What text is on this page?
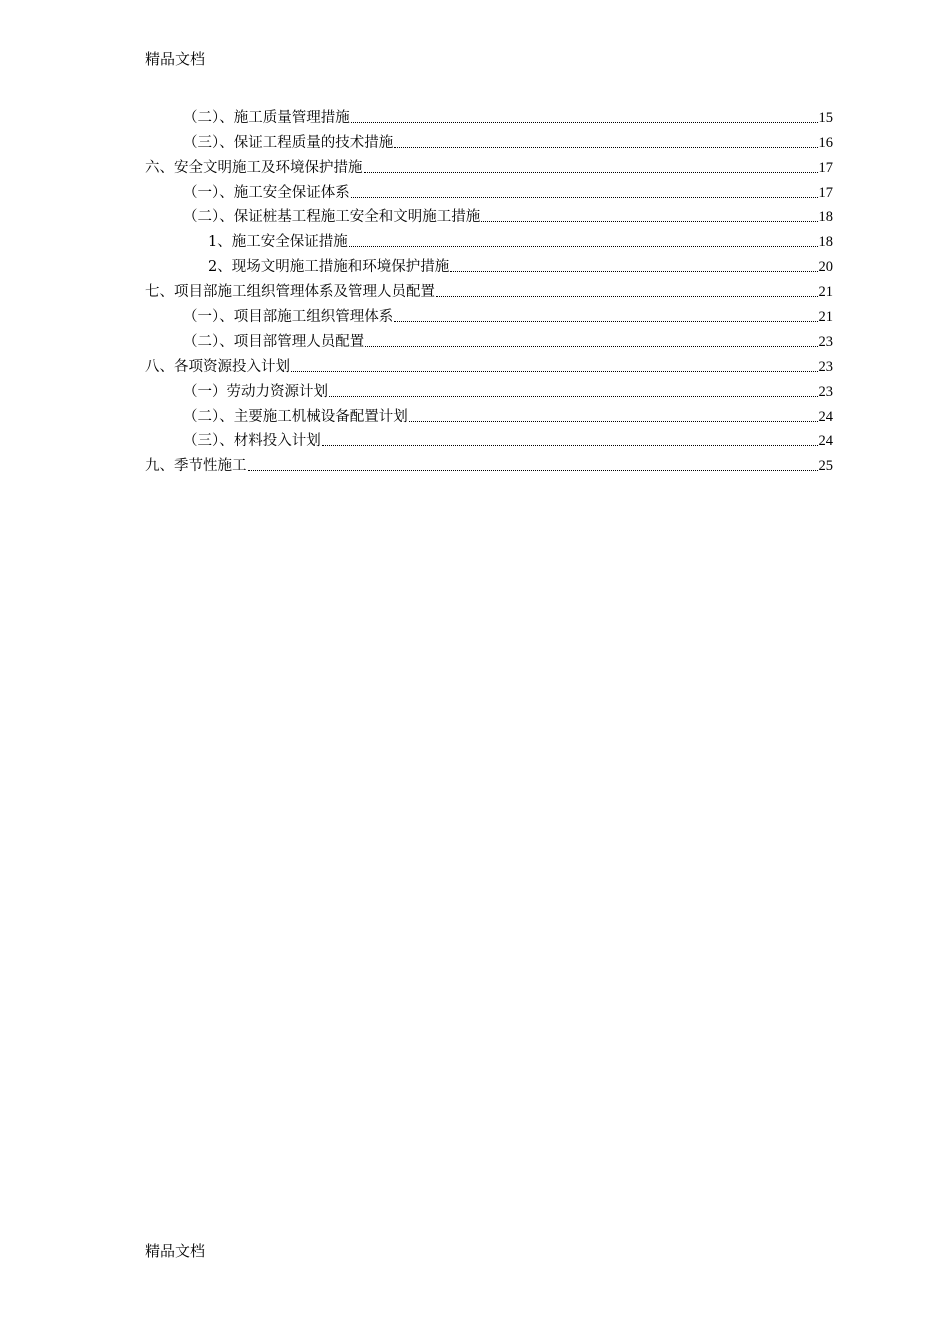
精品文档
（二）、施工质量管理措施	15
（三）、保证工程质量的技术措施	16
六、安全文明施工及环境保护措施	17
（一）、施工安全保证体系	17
（二）、保证桩基工程施工安全和文明施工措施	18
1、施工安全保证措施	18
2、现场文明施工措施和环境保护措施	20
七、项目部施工组织管理体系及管理人员配置	21
（一）、项目部施工组织管理体系	21
（二）、项目部管理人员配置	23
八、各项资源投入计划	23
（一）劳动力资源计划	23
（二）、主要施工机械设备配置计划	24
（三）、材料投入计划	24
九、季节性施工	25
精品文档
